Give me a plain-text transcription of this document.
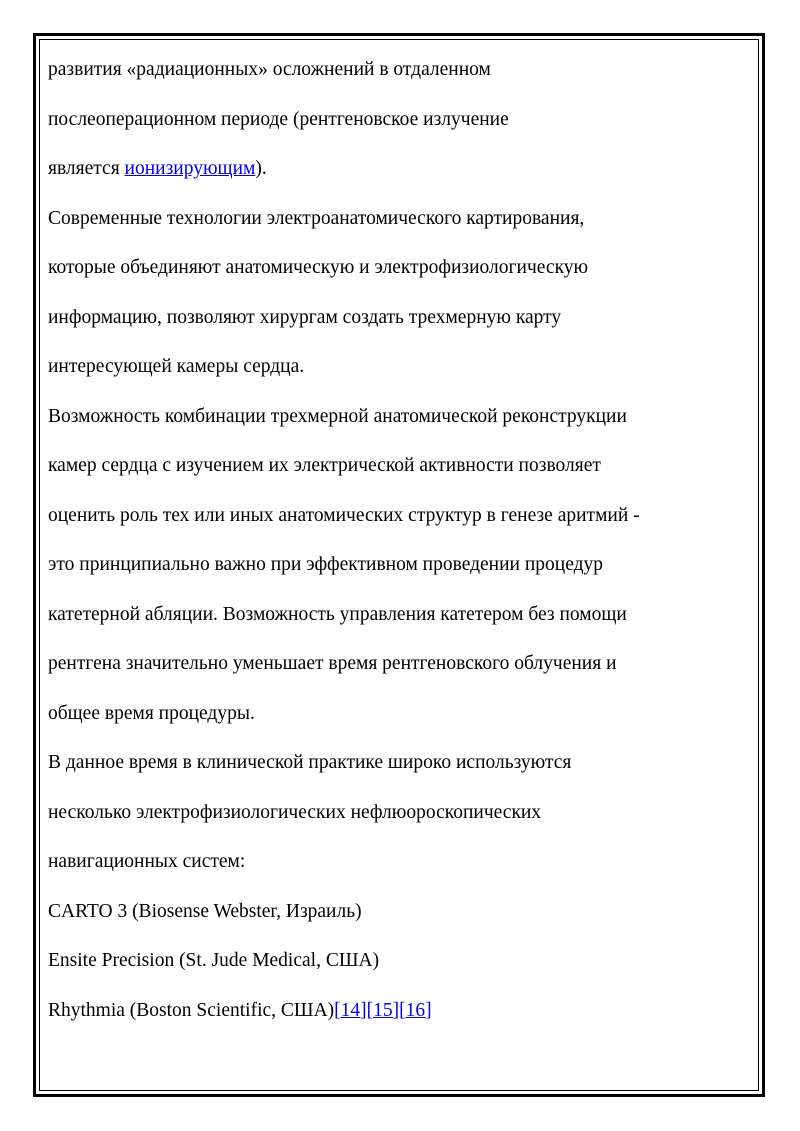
развития «радиационных» осложнений в отдаленном
послеоперационном периоде (рентгеновское излучение
является ионизирующим).
Современные технологии электроанатомического картирования,
которые объединяют анатомическую и электрофизиологическую
информацию, позволяют хирургам создать трехмерную карту
интересующей камеры сердца.
Возможность комбинации трехмерной анатомической реконструкции
камер сердца с изучением их электрической активности позволяет
оценить роль тех или иных анатомических структур в генезе аритмий -
это принципиально важно при эффективном проведении процедур
катетерной абляции. Возможность управления катетером без помощи
рентгена значительно уменьшает время рентгеновского облучения и
общее время процедуры.
В данное время в клинической практике широко используются
несколько электрофизиологических нефлюороскопических
навигационных систем:
CARTO 3 (Biosense Webster, Израиль)
Ensite Precision (St. Jude Medical, США)
Rhythmia (Boston Scientific, США)[14][15][16]
